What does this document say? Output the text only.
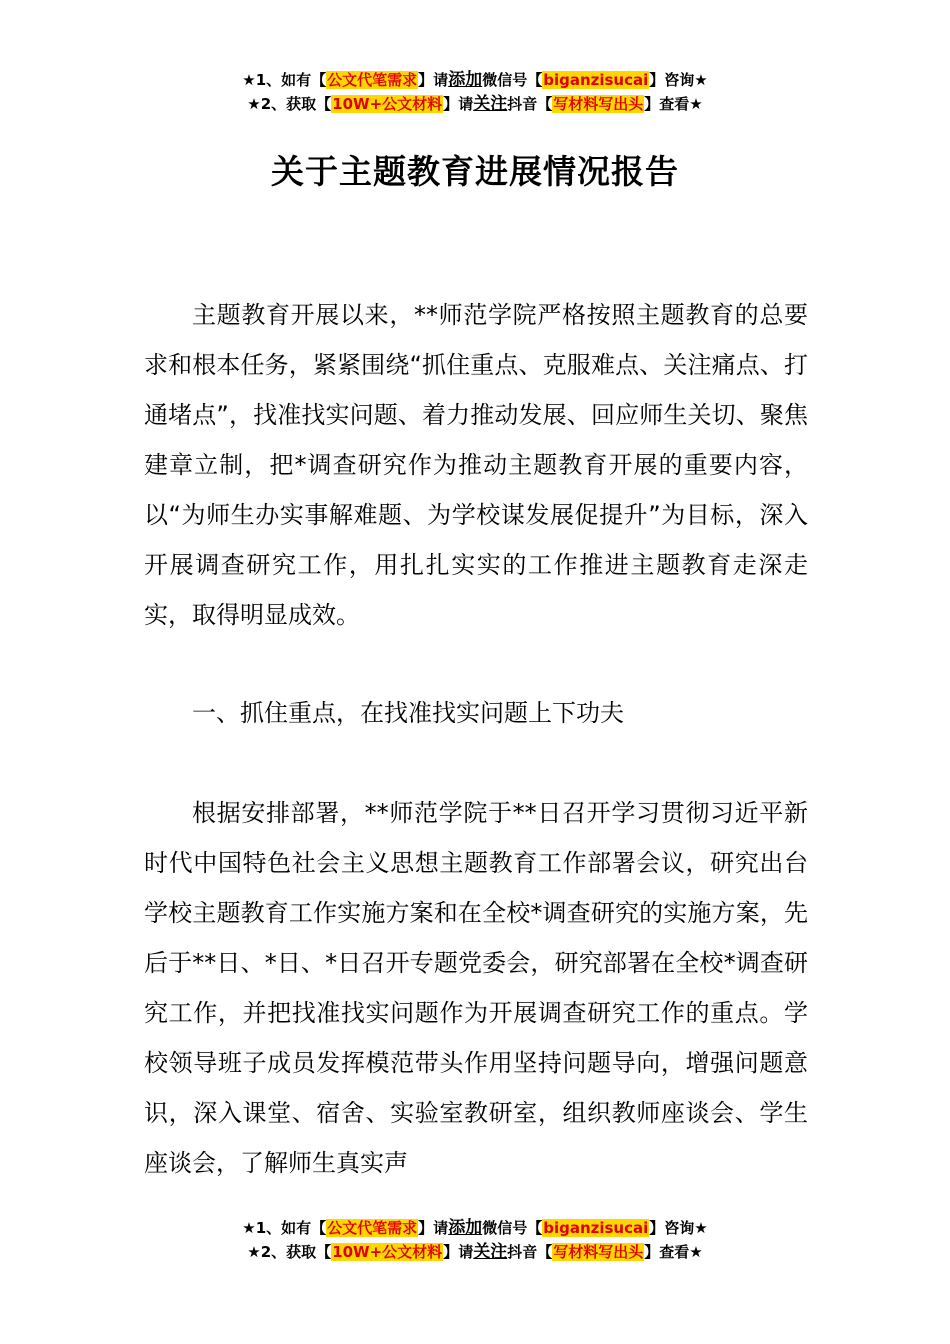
★1、如有【公文代笔需求】请添加微信号【biganzisucai】咨询★
★2、获取【10W+公文材料】请关注抖音【写材料写出头】查看★
关于主题教育进展情况报告
主题教育开展以来，**师范学院严格按照主题教育的总要求和根本任务，紧紧围绕“抓住重点、克服难点、关注痛点、打通堵点”，找准找实问题、着力推动发展、回应师生关切、聚焦建章立制，把*调查研究作为推动主题教育开展的重要内容，以“为师生办实事解难题、为学校谋发展促提升”为目标，深入开展调查研究工作，用扎扎实实的工作推进主题教育走深走实，取得明显成效。
一、抓住重点，在找准找实问题上下功夫
根据安排部署，**师范学院于**日召开学习贯彻习近平新时代中国特色社会主义思想主题教育工作部署会议，研究出台学校主题教育工作实施方案和在全校*调查研究的实施方案，先后于**日、*日、*日召开专题党委会，研究部署在全校*调查研究工作，并把找准找实问题作为开展调查研究工作的重点。学校领导班子成员发挥模范带头作用坚持问题导向，增强问题意识，深入课堂、宿舍、实验室教研室，组织教师座谈会、学生座谈会，了解师生真实声
★1、如有【公文代笔需求】请添加微信号【biganzisucai】咨询★
★2、获取【10W+公文材料】请关注抖音【写材料写出头】查看★
